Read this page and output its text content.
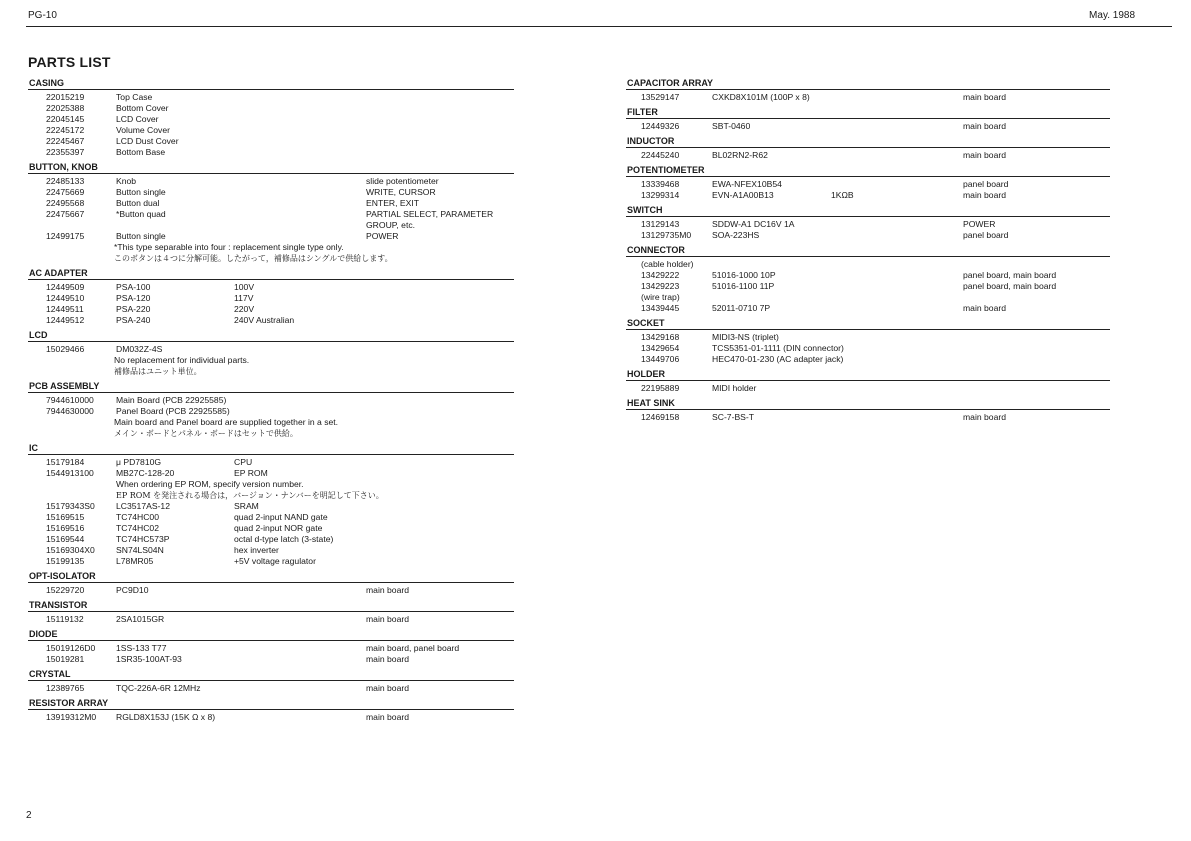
PG-10	May. 1988
PARTS LIST
CASING
22015219	Top Case
22025388	Bottom Cover
22045145	LCD Cover
22245172	Volume Cover
22245467	LCD Dust Cover
22355397	Bottom Base
BUTTON, KNOB
22485133	Knob	slide potentiometer
22475669	Button single	WRITE, CURSOR
22495568	Button dual	ENTER, EXIT
22475667	*Button quad	PARTIAL SELECT, PARAMETER
GROUP, etc.
12499175	Button single	POWER
*This type separable into four : replacement single type only.
このボタンは４つに分解可能。したがって，補修品はシングルで供給します。
AC ADAPTER
12449509	PSA-100	100V
12449510	PSA-120	117V
12449511	PSA-220	220V
12449512	PSA-240	240V Australian
LCD
15029466	DM032Z-4S
No replacement for individual parts.
補修品はユニット単位。
PCB ASSEMBLY
7944610000	Main Board (PCB 22925585)
7944630000	Panel Board (PCB 22925585)
Main board and Panel board are supplied together in a set.
メイン・ボードとパネル・ボードはセットで供給。
IC
15179184	μ PD7810G	CPU
1544913100	MB27C-128-20	EP ROM
When ordering EP ROM, specify version number.
EP ROM を発注される場合は，バージョン・ナンバーを明記して下さい。
15179343S0 LC3517AS-12	SRAM
15169515	TC74HC00	quad 2-input NAND gate
15169516	TC74HC02	quad 2-input NOR gate
15169544	TC74HC573P	octal d-type latch (3-state)
15169304X0 SN74LS04N	hex inverter
15199135	L78MR05	+5V voltage ragulator
OPT-ISOLATOR
15229720	PC9D10	main board
TRANSISTOR
15119132	2SA1015GR	main board
DIODE
15019126D0 1SS-133 T77	main board, panel board
15019281	1SR35-100AT-93	main board
CRYSTAL
12389765	TQC-226A-6R 12MHz	main board
RESISTOR ARRAY
13919312M0 RGLD8X153J (15K Ω x 8)	main board
CAPACITOR ARRAY
13529147	CXKD8X101M (100P x 8)	main board
FILTER
12449326	SBT-0460	main board
INDUCTOR
22445240	BL02RN2-R62	main board
POTENTIOMETER
13339468	EWA-NFEX10B54	panel board
13299314	EVN-A1A00B13	1KΩB	main board
SWITCH
13129143	SDDW-A1 DC16V 1A	POWER
13129735M0 SOA-223HS	panel board
CONNECTOR
(cable holder)
13429222	51016-1000 10P	panel board, main board
13429223	51016-1100 11P	panel board, main board
(wire trap)
13439445	52011-0710 7P	main board
SOCKET
13429168	MIDI3-NS (triplet)
13429654	TCS5351-01-1111 (DIN connector)
13449706	HEC470-01-230 (AC adapter jack)
HOLDER
22195889	MIDI holder
HEAT SINK
12469158	SC-7-BS-T	main board
2
